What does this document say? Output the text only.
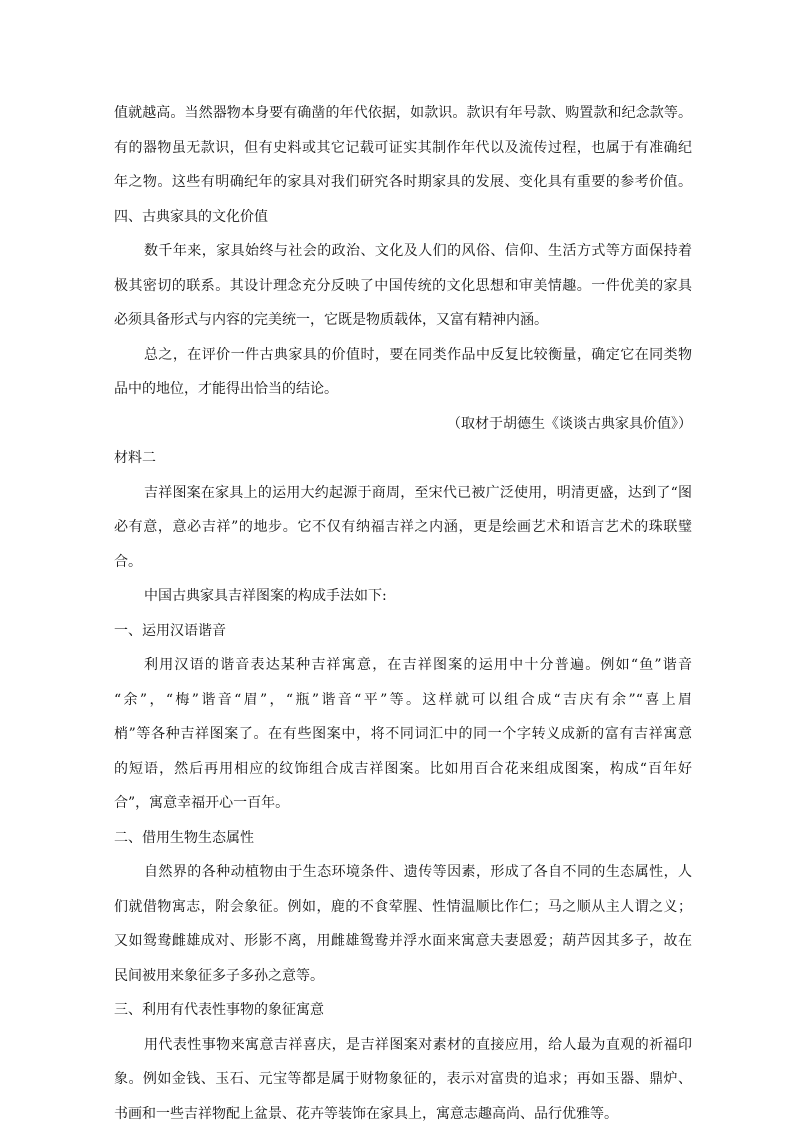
值就越高。当然器物本身要有确凿的年代依据，如款识。款识有年号款、购置款和纪念款等。
有的器物虽无款识，但有史料或其它记载可证实其制作年代以及流传过程，也属于有准确纪
年之物。这些有明确纪年的家具对我们研究各时期家具的发展、变化具有重要的参考价值。
四、古典家具的文化价值
数千年来，家具始终与社会的政治、文化及人们的风俗、信仰、生活方式等方面保持着
极其密切的联系。其设计理念充分反映了中国传统的文化思想和审美情趣。一件优美的家具
必须具备形式与内容的完美统一，它既是物质载体，又富有精神内涵。
总之，在评价一件古典家具的价值时，要在同类作品中反复比较衡量，确定它在同类物
品中的地位，才能得出恰当的结论。
（取材于胡德生《谈谈古典家具价值》）
材料二
吉祥图案在家具上的运用大约起源于商周，至宋代已被广泛使用，明清更盛，达到了“图
必有意，意必吉祥”的地步。它不仅有纳福吉祥之内涵，更是绘画艺术和语言艺术的珠联璧
合。
中国古典家具吉祥图案的构成手法如下:
一、运用汉语谐音
利用汉语的谐音表达某种吉祥寓意，在吉祥图案的运用中十分普遍。例如“鱼”谐音
“余”，“梅”谐音“眉”，“瓶”谐音“平”等。这样就可以组合成“吉庆有余”“喜上眉
梢”等各种吉祥图案了。在有些图案中，将不同词汇中的同一个字转义成新的富有吉祥寓意
的短语，然后再用相应的纹饰组合成吉祥图案。比如用百合花来组成图案，构成“百年好
合”，寓意幸福开心一百年。
二、借用生物生态属性
自然界的各种动植物由于生态环境条件、遗传等因素，形成了各自不同的生态属性，人
们就借物寓志，附会象征。例如，鹿的不食荤腥、性情温顺比作仁；马之顺从主人谓之义；
又如鸳鸯雌雄成对、形影不离，用雌雄鸳鸯并浮水面来寓意夫妻恩爱；葫芦因其多子，故在
民间被用来象征多子多孙之意等。
三、利用有代表性事物的象征寓意
用代表性事物来寓意吉祥喜庆，是吉祥图案对素材的直接应用，给人最为直观的祈福印
象。例如金钱、玉石、元宝等都是属于财物象征的，表示对富贵的追求；再如玉器、鼎炉、
书画和一些吉祥物配上盆景、花卉等装饰在家具上，寓意志趣高尚、品行优雅等。
